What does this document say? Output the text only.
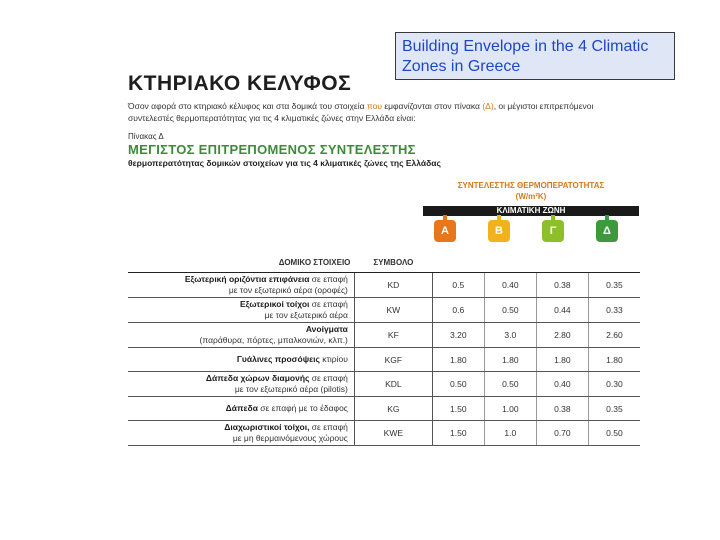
Building Envelope in the 4 Climatic Zones in Greece
ΚΤΗΡΙΑΚΟ ΚΕΛΥΦΟΣ
Όσον αφορά στο κτηριακό κέλυφος και στα δομικά του στοιχεία που εμφανίζονται στον πίνακα (Δ), οι μέγιστοι επιτρεπόμενοι συντελεστές θερμοπερατότητας για τις 4 κλιματικές ζώνες στην Ελλάδα είναι:
Πίνακας Δ
ΜΕΓΙΣΤΟΣ ΕΠΙΤΡΕΠΟΜΕΝΟΣ ΣΥΝΤΕΛΕΣΤΗΣ
θερμοπερατότητας δομικών στοιχείων για τις 4 κλιματικές ζώνες της Ελλάδας
ΣΥΝΤΕΛΕΣΤΗΣ ΘΕΡΜΟΠΕΡΑΤΟΤΗΤΑΣ
(W/m²K)
ΚΛΙΜΑΤΙΚΗ ΖΩΝΗ
Α	Β	Γ	Δ
ΔΟΜΙΚΟ ΣΤΟΙΧΕΙΟ	ΣΥΜΒΟΛΟ				
Εξωτερική οριζόντια επιφάνεια σε επαφή
με τον εξωτερικό αέρα (οροφές)	KD	0.5	0.40	0.38	0.35
Εξωτερικοί τοίχοι σε επαφή
με τον εξωτερικό αέρα	KW	0.6	0.50	0.44	0.33
Ανοίγματα
(παράθυρα, πόρτες, μπαλκονιών, κλπ.)	KF	3.20	3.0	2.80	2.60
Γυάλινες προσόψεις κτιρίου	KGF	1.80	1.80	1.80	1.80
Δάπεδα χώρων διαμονής σε επαφή
με τον εξωτερικό αέρα (pilotis)	KDL	0.50	0.50	0.40	0.30
Δάπεδα σε επαφή με το έδαφος	KG	1.50	1.00	0.38	0.35
Διαχωριστικοί τοίχοι, σε επαφή
με μη θερμαινόμενους χώρους	KWE	1.50	1.0	0.70	0.50
